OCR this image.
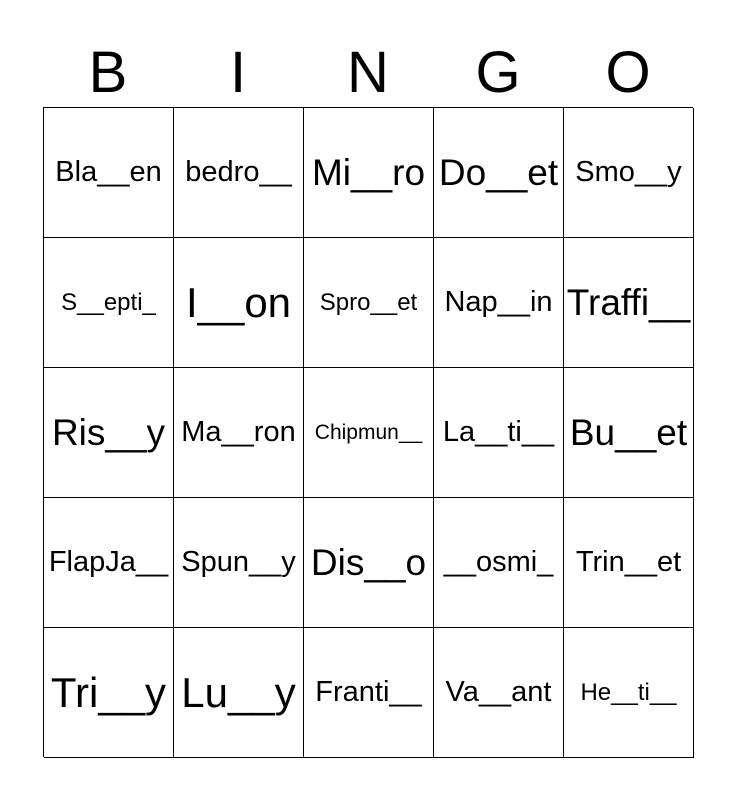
B	I	N	G	O
Bla__en bedro__ Mi__ro Do__et Smo__y
S__epti_ I__on	Spro__et Nap__in Traffi__
Ris__y Ma__ron Chipmun__ La__ti__ Bu__et
FlapJa__ Spun__y Dis__o __osmi_ Trin__et
Tri__y Lu__y Franti__ Va__ant	He__ti__
